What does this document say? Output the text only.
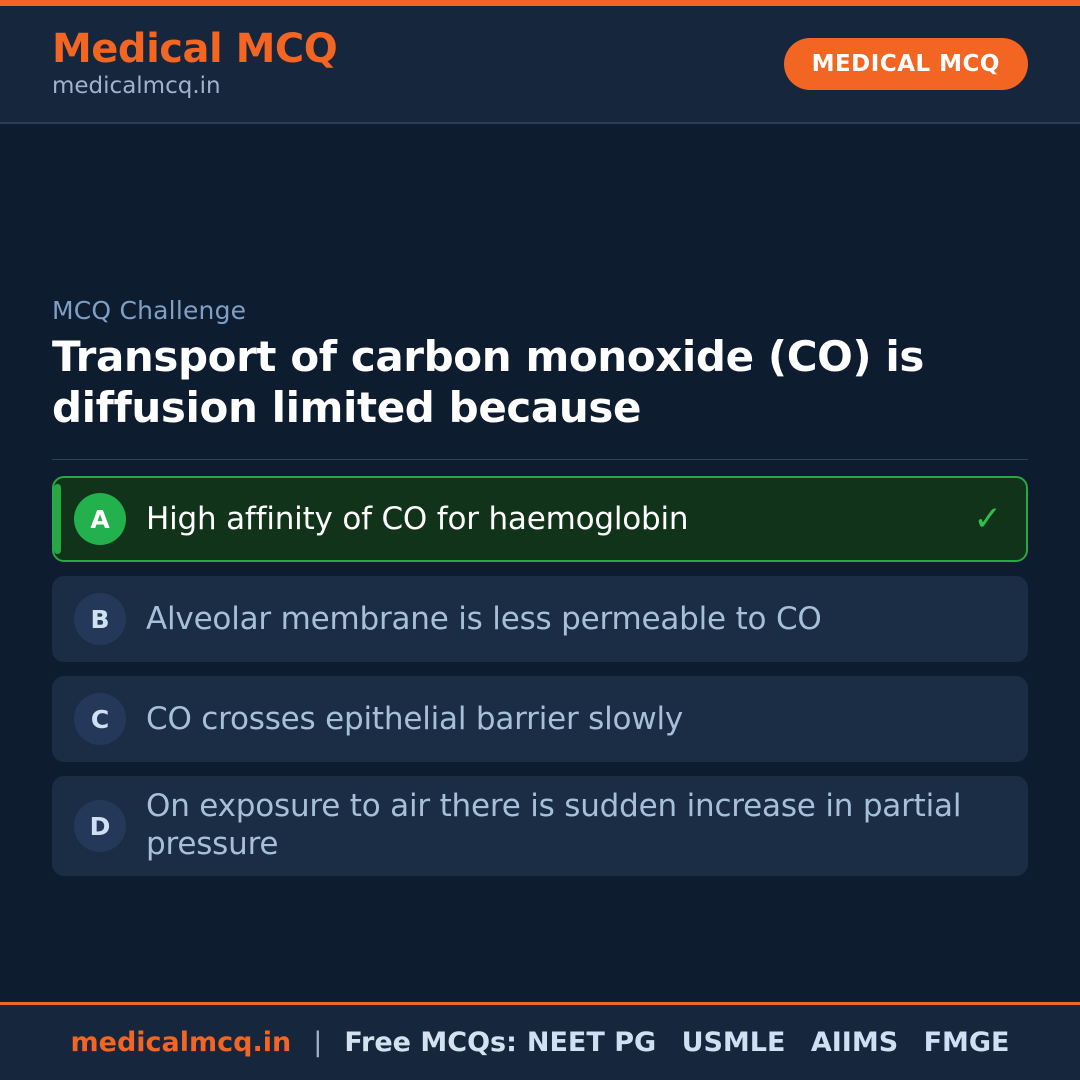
Medical MCQ
medicalmcq.in
MEDICAL MCQ
MCQ Challenge
Transport of carbon monoxide (CO) is diffusion limited because
A	High affinity of CO for haemoglobin	✓
B	Alveolar membrane is less permeable to CO
C	CO crosses epithelial barrier slowly
D
On exposure to air there is sudden increase in partial pressure
medicalmcq.in | Free MCQs: NEET PG USMLE AIIMS FMGE
